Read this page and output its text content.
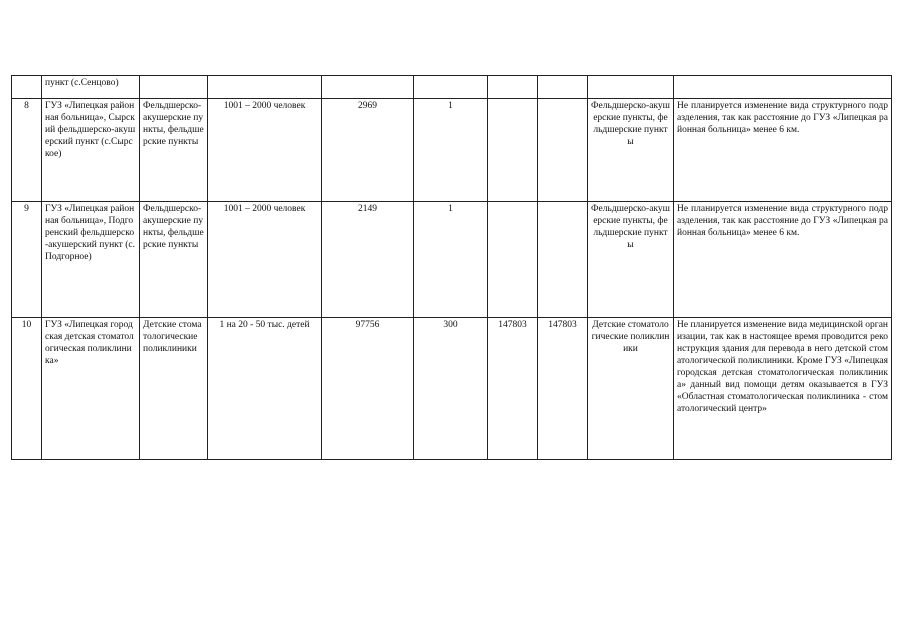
	пункт (с.Сенцово)								
8	ГУЗ «Липецкая районная больница», Сырский фельдшерско-акушерский пункт (с.Сырское)	Фельдшерско-акушерские пункты, фельдшерские пункты	1001 – 2000 человек	2969	1			Фельдшерско-акушерские пункты, фельдшерские пункты	Не планируется изменение вида структурного подразделения, так как расстояние до ГУЗ «Липецкая районная больница» менее 6 км.
9	ГУЗ «Липецкая районная больница», Подгоренский фельдшерско-акушерский пункт (с.Подгорное)	Фельдшерско-акушерские пункты, фельдшерские пункты	1001 – 2000 человек	2149	1			Фельдшерско-акушерские пункты, фельдшерские пункты	Не планируется изменение вида структурного подразделения, так как расстояние до ГУЗ «Липецкая районная больница» менее 6 км.
10	ГУЗ «Липецкая городская детская стоматологическая поликлиника»	Детские стоматологические поликлиники	1 на 20 - 50 тыс. детей	97756	300	147803	147803	Детские стоматологические поликлиники	Не планируется изменение вида медицинской организации, так как в настоящее время проводится реконструкция здания для перевода в него детской стоматологической поликлиники. Кроме ГУЗ «Липецкая городская детская стоматологическая поликлиника» данный вид помощи детям оказывается в ГУЗ «Областная стоматологическая поликлиника - стоматологический центр»
